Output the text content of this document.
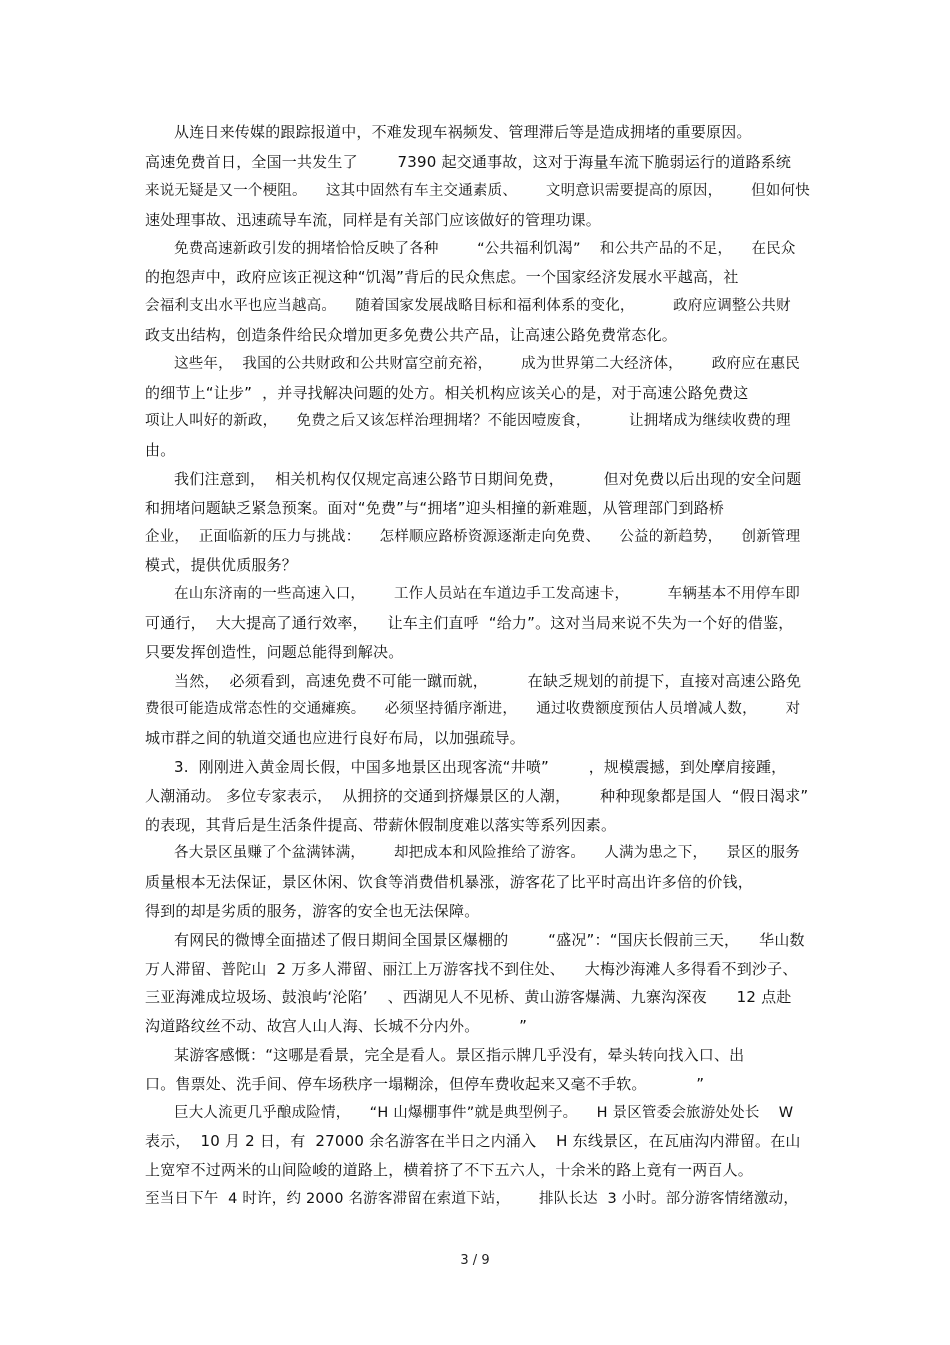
从连日来传媒的跟踪报道中，不难发现车祸频发、管理滞后等是造成拥堵的重要原因。
高速免费首日，全国一共发生了        7390 起交通事故，这对于海量车流下脆弱运行的道路系统
来说无疑是又一个梗阻。    这其中固然有车主交通素质、      文明意识需要提高的原因，      但如何快
速处理事故、迅速疏导车流，同样是有关部门应该做好的管理功课。
免费高速新政引发的拥堵恰恰反映了各种        “公共福利饥渴”    和公共产品的不足，    在民众
的抱怨声中，政府应该正视这种“饥渴”背后的民众焦虑。一个国家经济发展水平越高，社
会福利支出水平也应当越高。    随着国家发展战略目标和福利体系的变化，        政府应调整公共财
政支出结构，创造条件给民众增加更多免费公共产品，让高速公路免费常态化。
这些年，  我国的公共财政和公共财富空前充裕，      成为世界第二大经济体，      政府应在惠民
的细节上“让步”  ，并寻找解决问题的处方。相关机构应该关心的是，对于高速公路免费这
项让人叫好的新政，    免费之后又该怎样治理拥堵？不能因噎废食，        让拥堵成为继续收费的理
由。
我们注意到，  相关机构仅仅规定高速公路节日期间免费，        但对免费以后出现的安全问题
和拥堵问题缺乏紧急预案。面对“免费”与“拥堵”迎头相撞的新难题，从管理部门到路桥
企业，  正面临新的压力与挑战：    怎样顺应路桥资源逐渐走向免费、    公益的新趋势，    创新管理
模式，提供优质服务？
在山东济南的一些高速入口，      工作人员站在车道边手工发高速卡，        车辆基本不用停车即
可通行，  大大提高了通行效率，    让车主们直呼  “给力”。这对当局来说不失为一个好的借鉴，
只要发挥创造性，问题总能得到解决。
当然，  必须看到，高速免费不可能一蹴而就，        在缺乏规划的前提下，直接对高速公路免
费很可能造成常态性的交通瘫痪。    必须坚持循序渐进，    通过收费额度预估人员增减人数，      对
城市群之间的轨道交通也应进行良好布局，以加强疏导。
3.  刚刚进入黄金周长假，中国多地景区出现客流“井喷”        ，规模震撼，到处摩肩接踵，
人潮涌动。 多位专家表示，  从拥挤的交通到挤爆景区的人潮，      种种现象都是国人  “假日渴求”
的表现，其背后是生活条件提高、带薪休假制度难以落实等系列因素。
各大景区虽赚了个盆满钵满，      却把成本和风险推给了游客。    人满为患之下，    景区的服务
质量根本无法保证，景区休闲、饮食等消费借机暴涨，游客花了比平时高出许多倍的价钱，
得到的却是劣质的服务，游客的安全也无法保障。
有网民的微博全面描述了假日期间全国景区爆棚的        “盛况”：“国庆长假前三天，    华山数
万人滞留、普陀山  2 万多人滞留、丽江上万游客找不到住处、    大梅沙海滩人多得看不到沙子、
三亚海滩成垃圾场、鼓浪屿‘沦陷’    、西湖见人不见桥、黄山游客爆满、九寨沟深夜      12 点赴
沟道路纹丝不动、故宫人山人海、长城不分内外。        ”
某游客感慨：“这哪是看景，完全是看人。景区指示牌几乎没有，晕头转向找入口、出
口。售票处、洗手间、停车场秩序一塌糊涂，但停车费收起来又毫不手软。          ”
巨大人流更几乎酿成险情，    “H 山爆棚事件”就是典型例子。    H 景区管委会旅游处处长    W
表示，  10 月 2 日，有  27000 余名游客在半日之内涌入    H 东线景区，在瓦庙沟内滞留。在山
上宽窄不过两米的山间险峻的道路上，横着挤了不下五六人，十余米的路上竟有一两百人。
至当日下午  4 时许，约 2000 名游客滞留在索道下站，      排队长达  3 小时。部分游客情绪激动，
3 / 9
